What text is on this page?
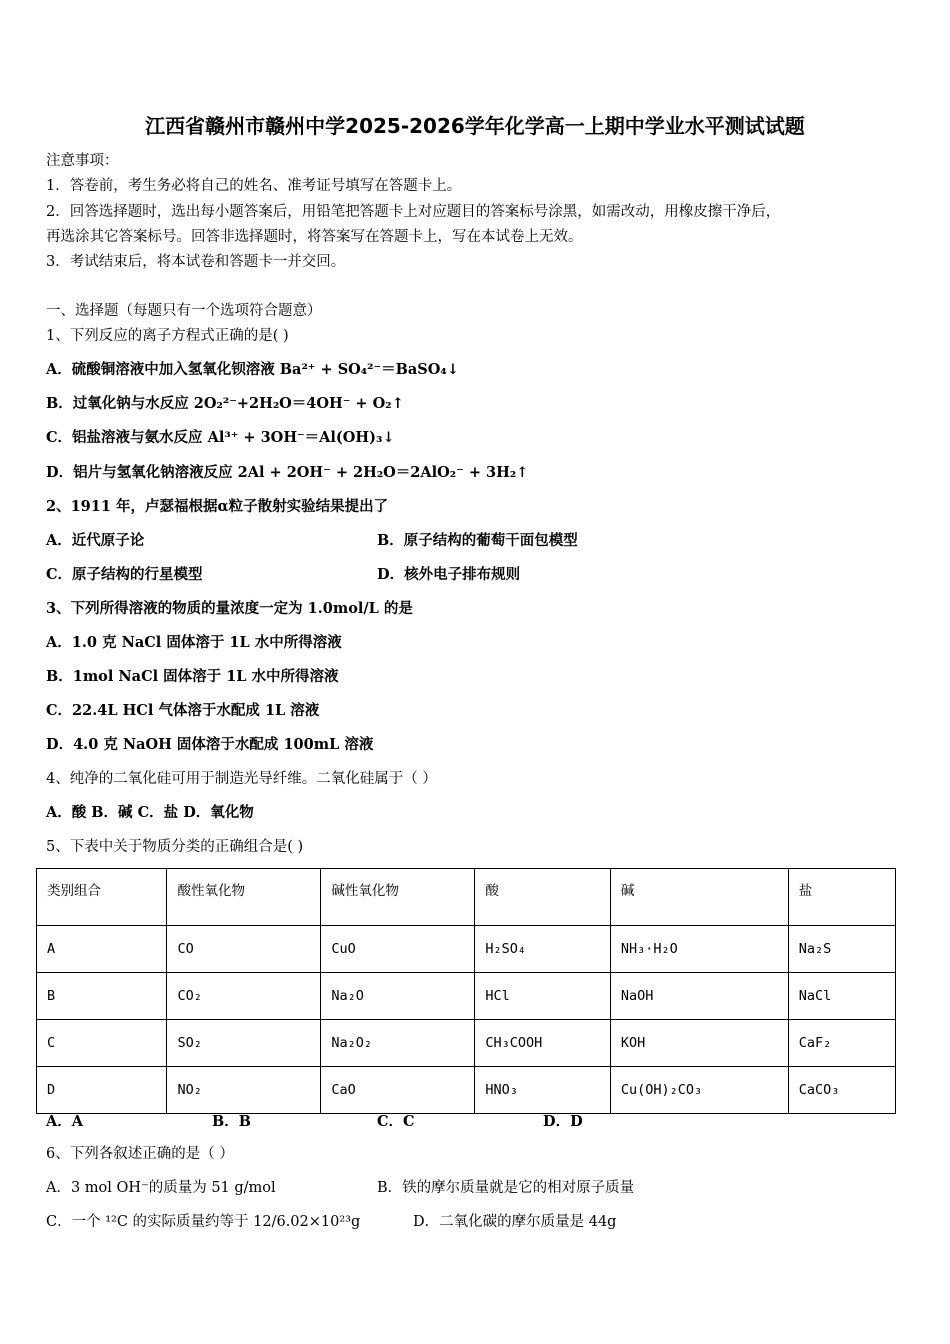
江西省赣州市赣州中学2025-2026学年化学高一上期中学业水平测试试题
注意事项：
1．答卷前，考生务必将自己的姓名、准考证号填写在答题卡上。
2．回答选择题时，选出每小题答案后，用铅笔把答题卡上对应题目的答案标号涂黑，如需改动，用橡皮擦干净后，
再选涂其它答案标号。回答非选择题时，将答案写在答题卡上，写在本试卷上无效。
3．考试结束后，将本试卷和答题卡一并交回。
一、选择题（每题只有一个选项符合题意）
1、下列反应的离子方程式正确的是( )
A．硫酸铜溶液中加入氢氧化钡溶液 Ba²⁺ + SO₄²⁻＝BaSO₄↓
B．过氧化钠与水反应 2O₂²⁻+2H₂O＝4OH⁻ + O₂↑
C．铝盐溶液与氨水反应 Al³⁺ + 3OH⁻＝Al(OH)₃↓
D．铝片与氢氧化钠溶液反应 2Al + 2OH⁻ + 2H₂O＝2AlO₂⁻ + 3H₂↑
2、1911 年，卢瑟福根据α粒子散射实验结果提出了
A．近代原子论	B．原子结构的葡萄干面包模型
C．原子结构的行星模型	D．核外电子排布规则
3、下列所得溶液的物质的量浓度一定为 1.0mol/L 的是
A．1.0 克 NaCl 固体溶于 1L 水中所得溶液
B．1mol NaCl 固体溶于 1L 水中所得溶液
C．22.4L HCl 气体溶于水配成 1L 溶液
D．4.0 克 NaOH 固体溶于水配成 100mL 溶液
4、纯净的二氧化硅可用于制造光导纤维。二氧化硅属于（ ）
A．酸 B．碱 C．盐 D．氧化物
5、下表中关于物质分类的正确组合是( )
类别组合	酸性氧化物	碱性氧化物	酸	碱	盐
A	CO	CuO	H₂SO₄	NH₃·H₂O	Na₂S
B	CO₂	Na₂O	HCl	NaOH	NaCl
C	SO₂	Na₂O₂	CH₃COOH	KOH	CaF₂
D	NO₂	CaO	HNO₃	Cu(OH)₂CO₃	CaCO₃
A．A	B．B	C．C	D．D
6、下列各叙述正确的是（ ）
A．3 mol OH⁻的质量为 51 g/mol	B．铁的摩尔质量就是它的相对原子质量
C．一个 ¹²C 的实际质量约等于 12/6.02×10²³g	D．二氧化碳的摩尔质量是 44g
